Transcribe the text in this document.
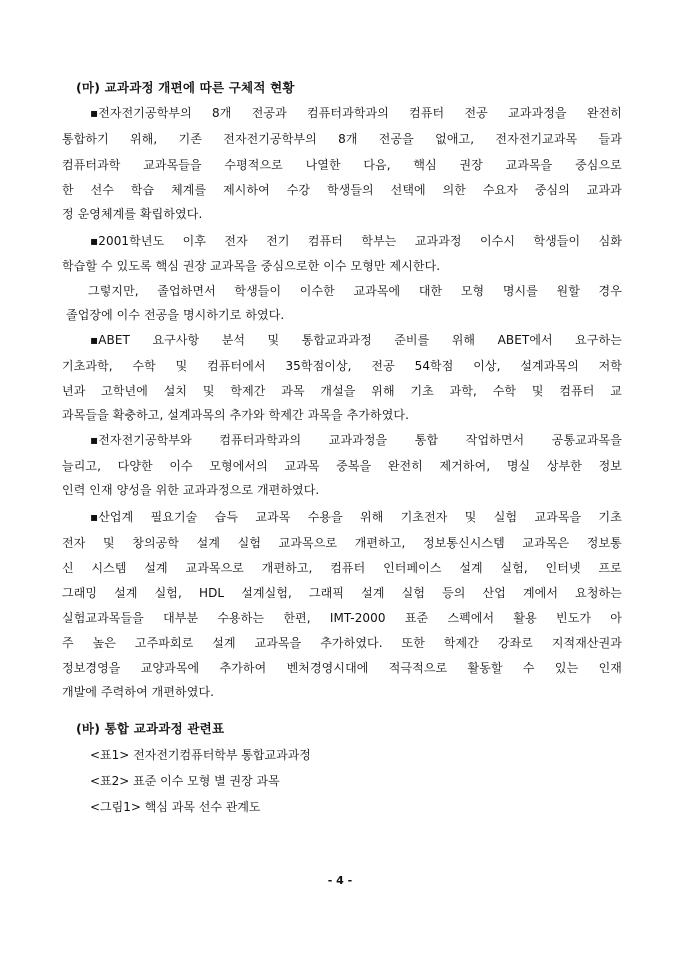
(마) 교과과정 개편에 따른 구체적 현황
▪전자전기공학부의 8개 전공과 컴퓨터과학과의 컴퓨터 전공 교과과정을 완전히
통합하기 위해, 기존 전자전기공학부의 8개 전공을 없애고, 전자전기교과목 들과
컴퓨터과학 교과목들을 수평적으로 나열한 다음, 핵심 권장 교과목을 중심으로
한 선수 학습 체계를 제시하여 수강 학생들의 선택에 의한 수요자 중심의 교과과
정 운영체계를 확립하였다.
▪2001학년도 이후 전자 전기 컴퓨터 학부는 교과과정 이수시 학생들이 심화
학습할 수 있도록 핵심 권장 교과목을 중심으로한 이수 모형만 제시한다.
그렇지만, 졸업하면서 학생들이 이수한 교과목에 대한 모형 명시를 원할 경우
졸업장에 이수 전공을 명시하기로 하였다.
▪ABET 요구사항 분석 및 통합교과과정 준비를 위해 ABET에서 요구하는
기초과학, 수학 및 컴퓨터에서 35학점이상, 전공 54학점 이상, 설계과목의 저학
년과 고학년에 설치 및 학제간 과목 개설을 위해 기초 과학, 수학 및 컴퓨터 교
과목들을 확충하고, 설계과목의 추가와 학제간 과목을 추가하였다.
▪전자전기공학부와 컴퓨터과학과의 교과과정을 통합 작업하면서 공통교과목을
늘리고, 다양한 이수 모형에서의 교과목 중복을 완전히 제거하여, 명실 상부한 정보
인력 인재 양성을 위한 교과과정으로 개편하였다.
▪산업계 필요기술 습득 교과목 수용을 위해 기초전자 및 실험 교과목을 기초
전자 및 창의공학 설계 실험 교과목으로 개편하고, 정보통신시스템 교과목은 정보통
신 시스템 설계 교과목으로 개편하고, 컴퓨터 인터페이스 설계 실험, 인터넷 프로
그래밍 설계 실험, HDL 설계실험, 그래픽 설계 실험 등의 산업 계에서 요청하는
실험교과목들을 대부분 수용하는 한편, IMT-2000 표준 스펙에서 활용 빈도가 아
주 높은 고주파회로 설계 교과목을 추가하였다. 또한 학제간 강좌로 지적재산권과
정보경영을 교양과목에 추가하여 벤처경영시대에 적극적으로 활동할 수 있는 인재
개발에 주력하여 개편하였다.
(바) 통합 교과과정 관련표
<표1> 전자전기컴퓨터학부 통합교과과정
<표2> 표준 이수 모형 별 권장 과목
<그림1> 핵심 과목 선수 관계도
- 4 -
